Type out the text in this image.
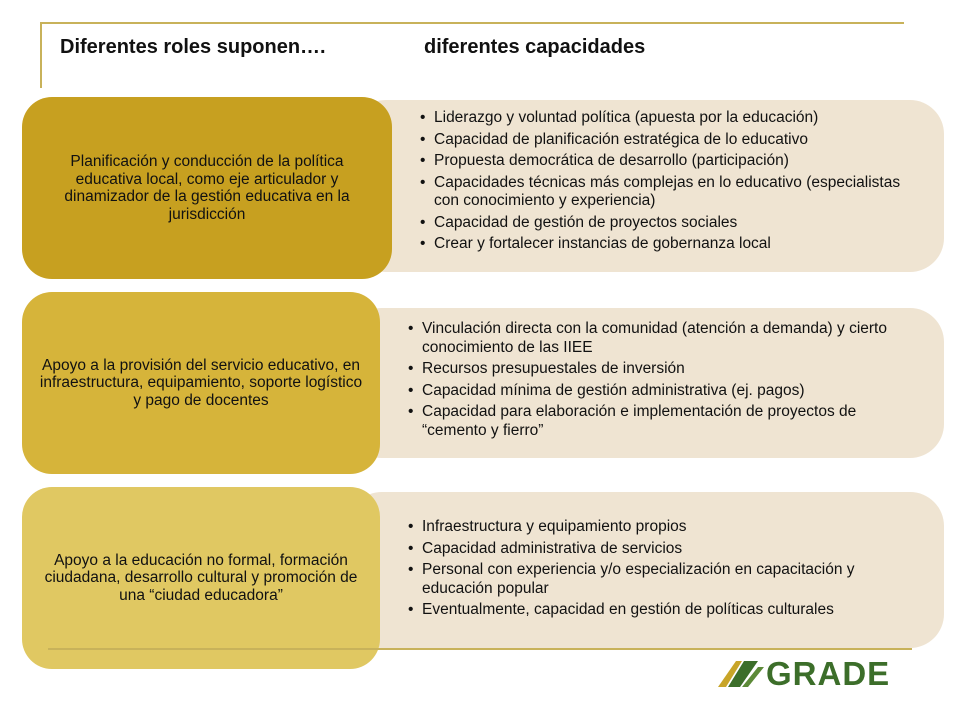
Diferentes roles suponen….	diferentes capacidades
Planificación y conducción de la política educativa local, como eje articulador y dinamizador de la gestión educativa en la jurisdicción
• Liderazgo y voluntad política (apuesta por la educación)
• Capacidad de planificación estratégica de lo educativo
• Propuesta democrática de desarrollo (participación)
• Capacidades técnicas más complejas en lo educativo (especialistas con conocimiento y experiencia)
• Capacidad de gestión de proyectos sociales
• Crear y fortalecer instancias de gobernanza local
Apoyo a la provisión del servicio educativo, en infraestructura, equipamiento, soporte logístico y pago de docentes
• Vinculación directa con la comunidad (atención a demanda) y cierto conocimiento de las IIEE
• Recursos presupuestales de inversión
• Capacidad mínima de gestión administrativa (ej. pagos)
• Capacidad para elaboración e implementación de proyectos de “cemento y fierro”
Apoyo a la educación no formal, formación ciudadana, desarrollo cultural y promoción de una “ciudad educadora”
• Infraestructura y equipamiento propios
• Capacidad administrativa de servicios
• Personal con experiencia y/o especialización en capacitación y educación popular
• Eventualmente, capacidad en gestión de políticas culturales
GRADE
